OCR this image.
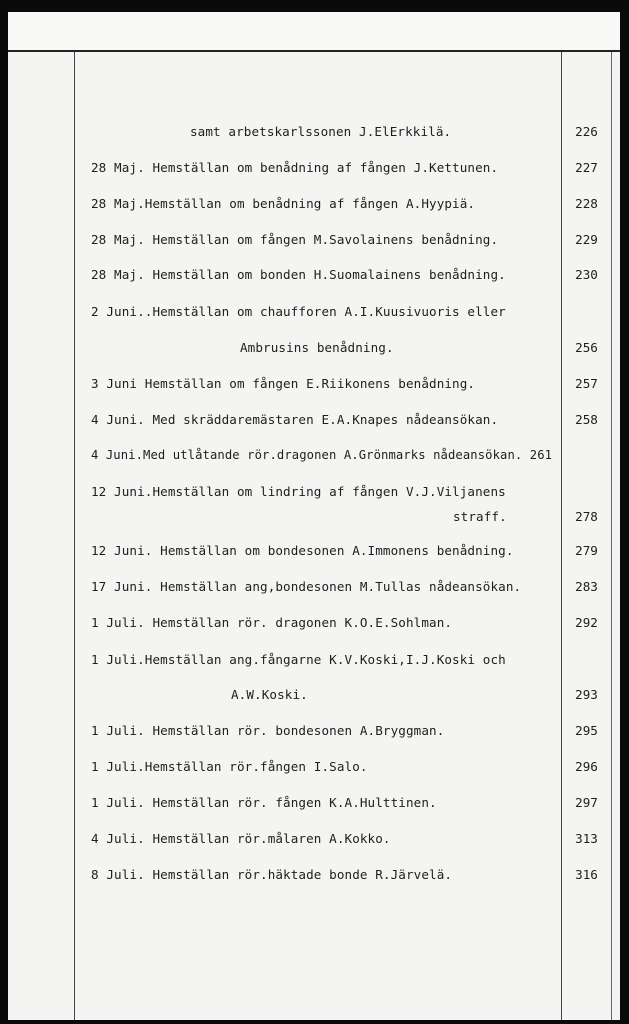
samt arbetskarlssonen J.ElErkkilä.	226
28 Maj. Hemställan om benådning af fången J.Kettunen.	227
28 Maj.Hemställan om benådning af fången A.Hyypiä.	228
28 Maj. Hemställan om fången M.Savolainens benådning.	229
28 Maj. Hemställan om bonden H.Suomalainens benådning.	230
2 Juni..Hemställan om chaufforen A.I.Kuusivuoris eller
Ambrusins benådning.	256
3 Juni Hemställan om fången E.Riikonens benådning.	257
4 Juni. Med skräddaremästaren E.A.Knapes nådeansökan.	258
4 Juni.Med utlåtande rör.dragonen A.Grönmarks nådeansökan. 261
12 Juni.Hemställan om lindring af fången V.J.Viljanens
straff.	278
12 Juni. Hemställan om bondesonen A.Immonens benådning.	279
17 Juni. Hemställan ang,bondesonen M.Tullas nådeansökan.	283
1 Juli. Hemställan rör. dragonen K.O.E.Sohlman.	292
1 Juli.Hemställan ang.fångarne K.V.Koski,I.J.Koski och
A.W.Koski.	293
1 Juli. Hemställan rör. bondesonen A.Bryggman.	295
1 Juli.Hemställan rör.fången I.Salo.	296
1 Juli. Hemställan rör. fången K.A.Hulttinen.	297
4 Juli. Hemställan rör.målaren A.Kokko.	313
8 Juli. Hemställan rör.häktade bonde R.Järvelä.	316
